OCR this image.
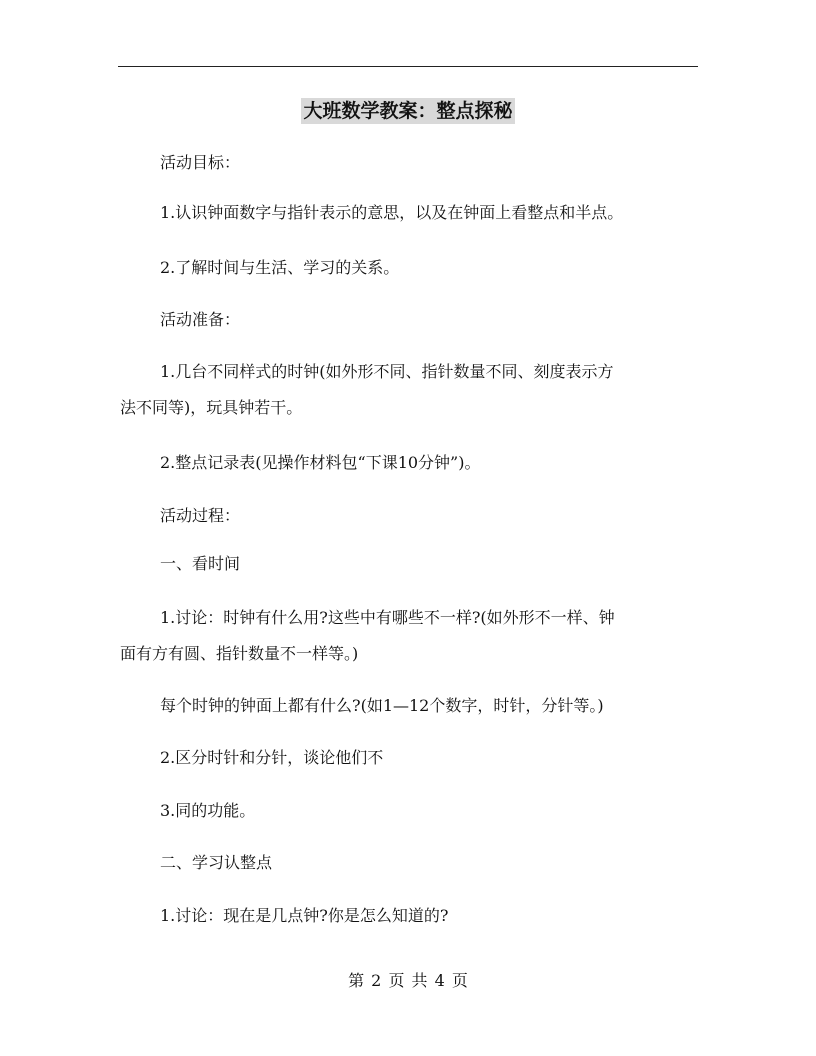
大班数学教案：整点探秘
活动目标：
1.认识钟面数字与指针表示的意思，以及在钟面上看整点和半点。
2.了解时间与生活、学习的关系。
活动准备：
1.几台不同样式的时钟(如外形不同、指针数量不同、刻度表示方
法不同等)，玩具钟若干。
2.整点记录表(见操作材料包“下课10分钟”)。
活动过程：
一、看时间
1.讨论：时钟有什么用?这些中有哪些不一样?(如外形不一样、钟
面有方有圆、指针数量不一样等。)
每个时钟的钟面上都有什么?(如1—12个数字，时针，分针等。)
2.区分时针和分针，谈论他们不
3.同的功能。
二、学习认整点
1.讨论：现在是几点钟?你是怎么知道的?
第 2 页 共 4 页
